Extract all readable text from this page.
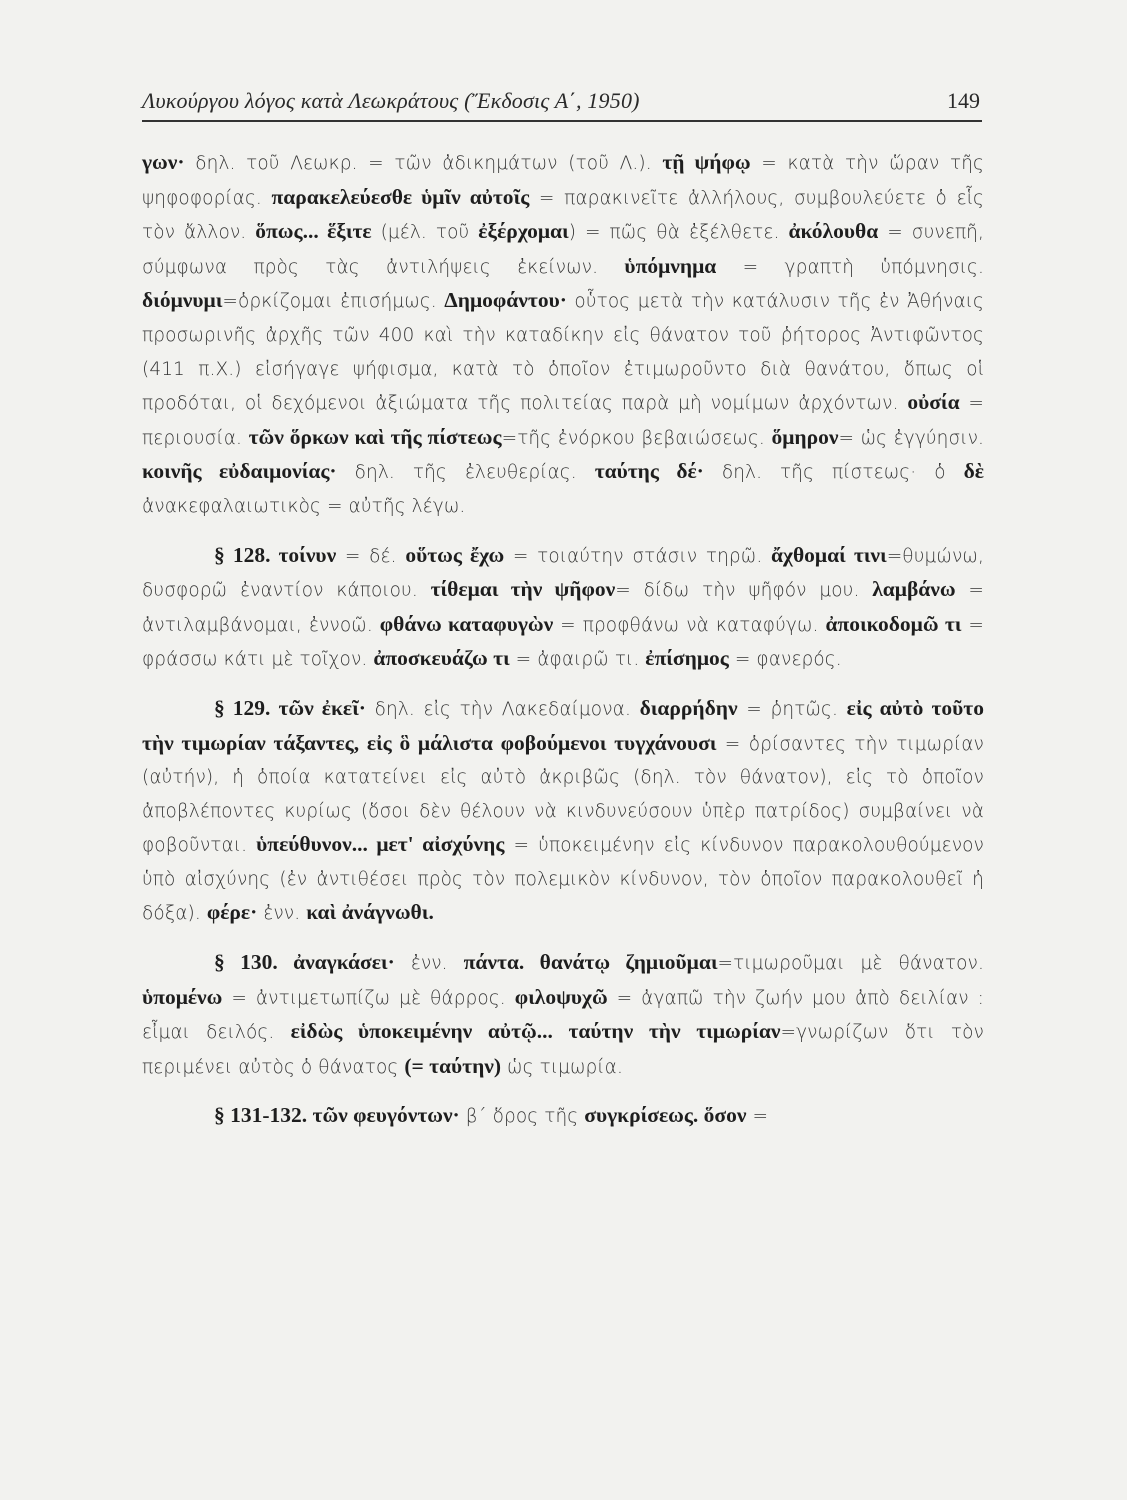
Λυκούργου λόγος κατὰ Λεωκράτους (Ἔκδοσις Α΄, 1950)	149

γων· δηλ. τοῦ Λεωκρ. = τῶν ἀδικημάτων (τοῦ Λ.). τῇ ψήφῳ = κατὰ τὴν ὥραν τῆς ψηφοφορίας. παρακελεύεσθε ὑμῖν αὐτοῖς = παρακινεῖτε ἀλλήλους, συμβουλεύετε ὁ εἷς τὸν ἄλλον. ὅπως... ἕξιτε (μέλ. τοῦ ἐξέρχομαι) = πῶς θὰ ἐξέλθετε. ἀκόλουθα = συνεπῆ, σύμφωνα πρὸς τὰς ἀντιλήψεις ἐκείνων. ὑπόμνημα = γραπτὴ ὑπόμνησις. διόμνυμι=ὁρκίζομαι ἐπισήμως. Δημοφάντου· οὗτος μετὰ τὴν κατάλυσιν τῆς ἐν Ἀθήναις προσωρινῆς ἀρχῆς τῶν 400 καὶ τὴν καταδίκην εἰς θάνατον τοῦ ῥήτορος Ἀντιφῶντος (411 π.Χ.) εἰσήγαγε ψήφισμα, κατὰ τὸ ὁποῖον ἐτιμωροῦντο διὰ θανάτου, ὅπως οἱ προδόται, οἱ δεχόμενοι ἀξιώματα τῆς πολιτείας παρὰ μὴ νομίμων ἀρχόντων. οὐσία = περιουσία. τῶν ὅρκων καὶ τῆς πίστεως=τῆς ἐνόρκου βεβαιώσεως. ὅμηρον= ὡς ἐγγύησιν. κοινῆς εὐδαιμονίας· δηλ. τῆς ἐλευθερίας. ταύτης δέ· δηλ. τῆς πίστεως· ὁ δὲ ἀνακεφαλαιωτικὸς = αὐτῆς λέγω.

§ 128. τοίνυν = δέ. οὕτως ἔχω = τοιαύτην στάσιν τηρῶ. ἄχθομαί τινι=θυμώνω, δυσφορῶ ἐναντίον κάποιου. τίθεμαι τὴν ψῆφον= δίδω τὴν ψῆφόν μου. λαμβάνω = ἀντιλαμβάνομαι, ἐννοῶ. φθάνω καταφυγὼν = προφθάνω νὰ καταφύγω. ἀποικοδομῶ τι = φράσσω κάτι μὲ τοῖχον. ἀποσκευάζω τι = ἀφαιρῶ τι. ἐπίσημος = φανερός.

§ 129. τῶν ἐκεῖ· δηλ. εἰς τὴν Λακεδαίμονα. διαρρήδην = ῥητῶς. εἰς αὐτὸ τοῦτο τὴν τιμωρίαν τάξαντες, εἰς ὃ μάλιστα φοβούμενοι τυγχάνουσι = ὁρίσαντες τὴν τιμωρίαν (αὐτήν), ἡ ὁποία κατατείνει εἰς αὐτὸ ἀκριβῶς (δηλ. τὸν θάνατον), εἰς τὸ ὁποῖον ἀποβλέποντες κυρίως (ὅσοι δὲν θέλουν νὰ κινδυνεύσουν ὑπὲρ πατρίδος) συμβαίνει νὰ φοβοῦνται. ὑπεύθυνον... μετ' αἰσχύνης = ὑποκειμένην εἰς κίνδυνον παρακολουθούμενον ὑπὸ αἰσχύνης (ἐν ἀντιθέσει πρὸς τὸν πολεμικὸν κίνδυνον, τὸν ὁποῖον παρακολουθεῖ ἡ δόξα). φέρε· ἐνν. καὶ ἀνάγνωθι.

§ 130. ἀναγκάσει· ἐνν. πάντα. θανάτῳ ζημιοῦμαι=τιμωροῦμαι μὲ θάνατον. ὑπομένω = ἀντιμετωπίζω μὲ θάρρος. φιλοψυχῶ = ἀγαπῶ τὴν ζωήν μου ἀπὸ δειλίαν : εἶμαι δειλός. εἰδὼς ὑποκειμένην αὐτῷ... ταύτην τὴν τιμωρίαν=γνωρίζων ὅτι τὸν περιμένει αὐτὸς ὁ θάνατος (= ταύτην) ὡς τιμωρία.

§ 131-132. τῶν φευγόντων· β΄ ὅρος τῆς συγκρίσεως. ὅσον =
